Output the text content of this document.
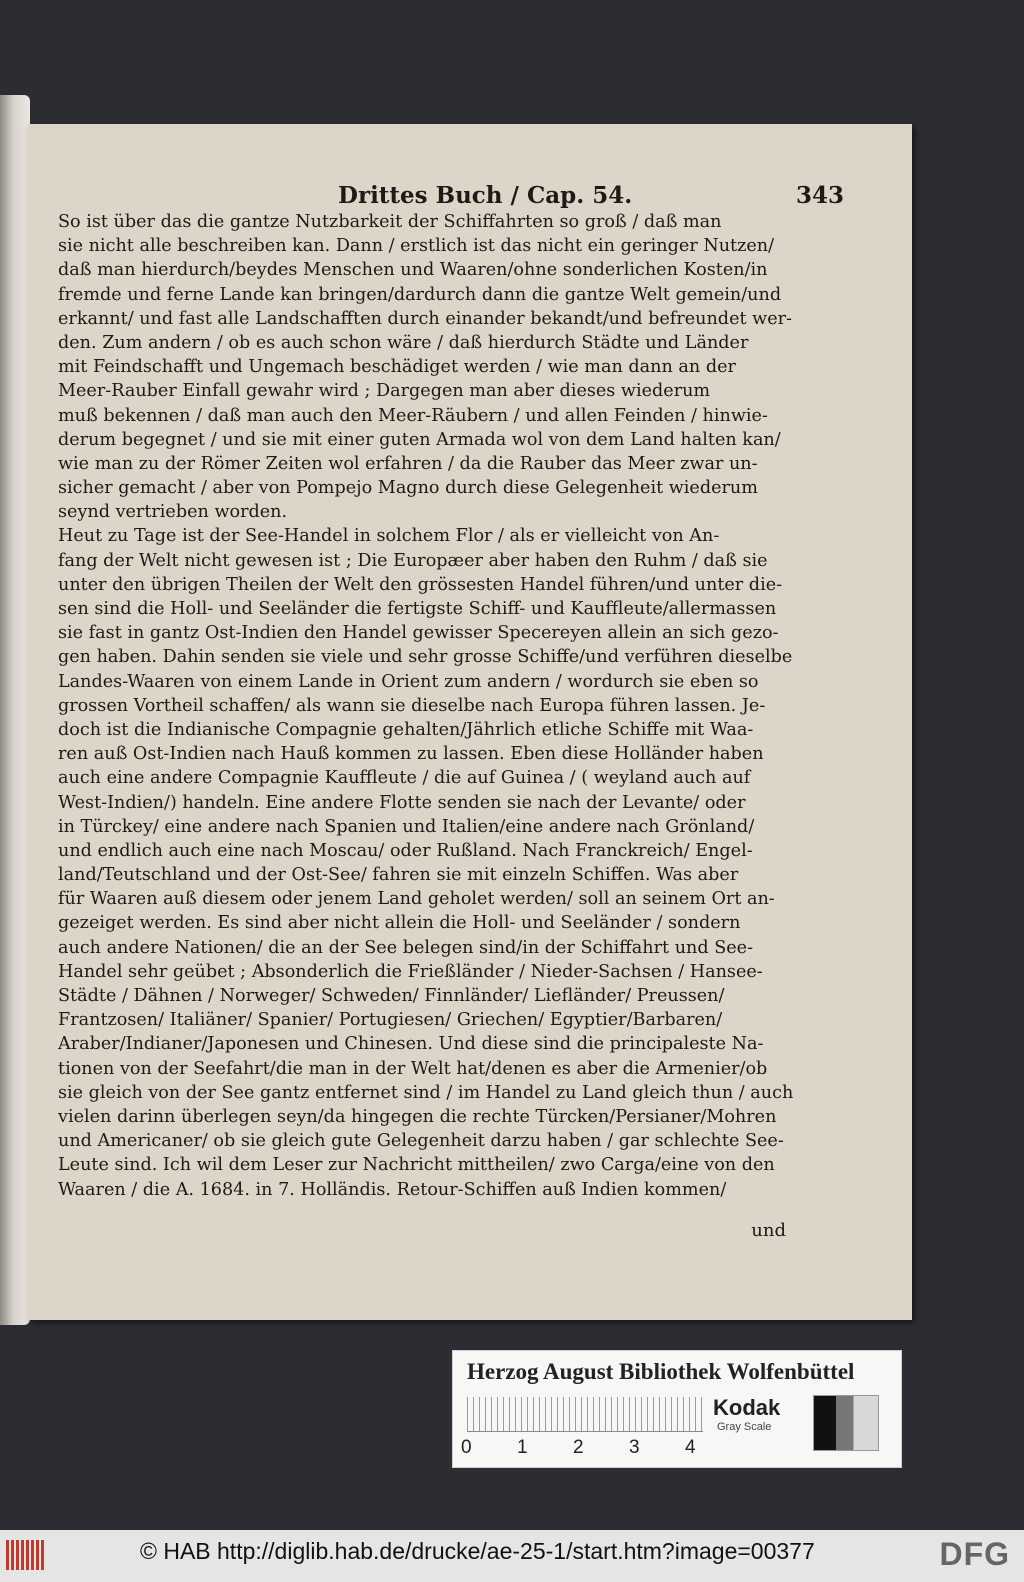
Drittes Buch / Cap. 54.	343
So ist über das die gantze Nutzbarkeit der Schiffahrten so groß / daß man
sie nicht alle beschreiben kan. Dann / erstlich ist das nicht ein geringer Nutzen/
daß man hierdurch/beydes Menschen und Waaren/ohne sonderlichen Kosten/in
fremde und ferne Lande kan bringen/dardurch dann die gantze Welt gemein/und
erkannt/ und fast alle Landschafften durch einander bekandt/und befreundet wer-
den. Zum andern / ob es auch schon wäre / daß hierdurch Städte und Länder
mit Feindschafft und Ungemach beschädiget werden / wie man dann an der
Meer-Rauber Einfall gewahr wird ; Dargegen man aber dieses wiederum
muß bekennen / daß man auch den Meer-Räubern / und allen Feinden / hinwie-
derum begegnet / und sie mit einer guten Armada wol von dem Land halten kan/
wie man zu der Römer Zeiten wol erfahren / da die Rauber das Meer zwar un-
sicher gemacht / aber von Pompejo Magno durch diese Gelegenheit wiederum
seynd vertrieben worden.
Heut zu Tage ist der See-Handel in solchem Flor / als er vielleicht von An-
fang der Welt nicht gewesen ist ; Die Europæer aber haben den Ruhm / daß sie
unter den übrigen Theilen der Welt den grössesten Handel führen/und unter die-
sen sind die Holl- und Seeländer die fertigste Schiff- und Kauffleute/allermassen
sie fast in gantz Ost-Indien den Handel gewisser Specereyen allein an sich gezo-
gen haben. Dahin senden sie viele und sehr grosse Schiffe/und verführen dieselbe
Landes-Waaren von einem Lande in Orient zum andern / wordurch sie eben so
grossen Vortheil schaffen/ als wann sie dieselbe nach Europa führen lassen. Je-
doch ist die Indianische Compagnie gehalten/Jährlich etliche Schiffe mit Waa-
ren auß Ost-Indien nach Hauß kommen zu lassen. Eben diese Holländer haben
auch eine andere Compagnie Kauffleute / die auf Guinea / ( weyland auch auf
West-Indien/) handeln. Eine andere Flotte senden sie nach der Levante/ oder
in Türckey/ eine andere nach Spanien und Italien/eine andere nach Grönland/
und endlich auch eine nach Moscau/ oder Rußland. Nach Franckreich/ Engel-
land/Teutschland und der Ost-See/ fahren sie mit einzeln Schiffen. Was aber
für Waaren auß diesem oder jenem Land geholet werden/ soll an seinem Ort an-
gezeiget werden. Es sind aber nicht allein die Holl- und Seeländer / sondern
auch andere Nationen/ die an der See belegen sind/in der Schiffahrt und See-
Handel sehr geübet ; Absonderlich die Frießländer / Nieder-Sachsen / Hansee-
Städte / Dähnen / Norweger/ Schweden/ Finnländer/ Liefländer/ Preussen/
Frantzosen/ Italiäner/ Spanier/ Portugiesen/ Griechen/ Egyptier/Barbaren/
Araber/Indianer/Japonesen und Chinesen. Und diese sind die principaleste Na-
tionen von der Seefahrt/die man in der Welt hat/denen es aber die Armenier/ob
sie gleich von der See gantz entfernet sind / im Handel zu Land gleich thun / auch
vielen darinn überlegen seyn/da hingegen die rechte Türcken/Persianer/Mohren
und Americaner/ ob sie gleich gute Gelegenheit darzu haben / gar schlechte See-
Leute sind. Ich wil dem Leser zur Nachricht mittheilen/ zwo Carga/eine von den
Waaren / die A. 1684. in 7. Holländis. Retour-Schiffen auß Indien kommen/
und
Herzog August Bibliothek Wolfenbüttel
0 1 2 3 4
Kodak
Gray Scale
© HAB http://diglib.hab.de/drucke/ae-25-1/start.htm?image=00377	DFG
